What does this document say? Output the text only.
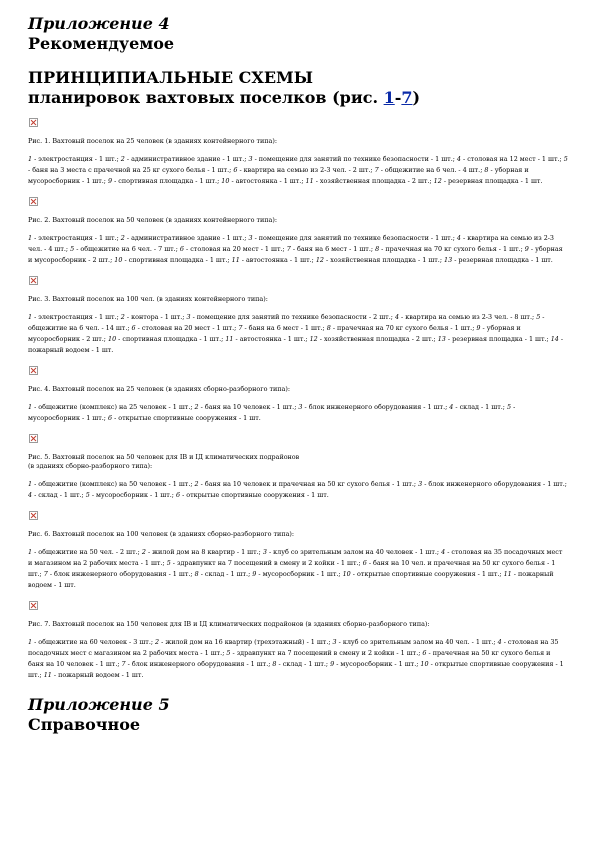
Приложение 4

Рекомендуемое

ПРИНЦИПИАЛЬНЫЕ СХЕМЫ
планировок вахтовых поселков (рис. 1-7)

Рис. 1. Вахтовый поселок на 25 человек (в зданиях контейнерного типа):

1 - электростанция - 1 шт.; 2 - административное здание - 1 шт.; 3 - помещение для занятий по технике безопасности - 1 шт.; 4 - столовая на 12 мест - 1 шт.; 5 - баня на 3 места с прачечной на 25 кг сухого белья - 1 шт.; 6 - квартира на семью из 2-3 чел. - 2 шт.; 7 - общежитие на 6 чел. - 4 шт.; 8 - уборная и мусоросборник - 1 шт.; 9 - спортивная площадка - 1 шт.; 10 - автостоянка - 1 шт.; 11 - хозяйственная площадка - 2 шт.; 12 - резервная площадка - 1 шт.

Рис. 2. Вахтовый поселок на 50 человек (в зданиях контейнерного типа):

1 - электростанция - 1 шт.; 2 - административное здание - 1 шт.; 3 - помещение для занятий по технике безопасности - 1 шт.; 4 - квартира на семью из 2-3 чел. - 4 шт.; 5 - общежитие на 6 чел. - 7 шт.; 6 - столовая на 20 мест - 1 шт.; 7 - баня на 6 мест - 1 шт.; 8 - прачечная на 70 кг сухого белья - 1 шт.; 9 - уборная и мусоросборник - 2 шт.; 10 - спортивная площадка - 1 шт.; 11 - автостоянка - 1 шт.; 12 - хозяйственная площадка - 1 шт.; 13 - резервная площадка - 1 шт.

Рис. 3. Вахтовый поселок на 100 чел. (в зданиях контейнерного типа):

1 - электростанция - 1 шт.; 2 - контора - 1 шт.; 3 - помещение для занятий по технике безопасности - 2 шт.; 4 - квартира на семью из 2-3 чел. - 8 шт.; 5 - общежитие на 6 чел. - 14 шт.; 6 - столовая на 20 мест - 1 шт.; 7 - баня на 6 мест - 1 шт.; 8 - прачечная на 70 кг сухого белья - 1 шт.; 9 - уборная и мусоросборник - 2 шт.; 10 - спортивная площадка - 1 шт.; 11 - автостоянка - 1 шт.; 12 - хозяйственная площадка - 2 шт.; 13 - резервная площадка - 1 шт.; 14 - пожарный водоем - 1 шт.

Рис. 4. Вахтовый поселок на 25 человек (в зданиях сборно-разборного типа):

1 - общежитие (комплекс) на 25 человек - 1 шт.; 2 - баня на 10 человек - 1 шт.; 3 - блок инженерного оборудования - 1 шт.; 4 - склад - 1 шт.; 5 - мусоросборник - 1 шт.; 6 - открытые спортивные сооружения - 1 шт.

Рис. 5. Вахтовый поселок на 50 человек для IВ и IД климатических подрайонов
(в зданиях сборно-разборного типа):

1 - общежитие (комплекс) на 50 человек - 1 шт.; 2 - баня на 10 человек и прачечная на 50 кг сухого белья - 1 шт.; 3 - блок инженерного оборудования - 1 шт.; 4 - склад - 1 шт.; 5 - мусоросборник - 1 шт.; 6 - открытые спортивные сооружения - 1 шт.

Рис. 6. Вахтовый поселок на 100 человек (в зданиях сборно-разборного типа):

1 - общежитие на 50 чел. - 2 шт.; 2 - жилой дом на 8 квартир - 1 шт.; 3 - клуб со зрительным залом на 40 человек - 1 шт.; 4 - столовая на 35 посадочных мест и магазином на 2 рабочих места - 1 шт.; 5 - здравпункт на 7 посещений в смену и 2 койки - 1 шт.; 6 - баня на 10 чел. и прачечная на 50 кг сухого белья - 1 шт.; 7 - блок инженерного оборудования - 1 шт.; 8 - склад - 1 шт.; 9 - мусоросборник - 1 шт.; 10 - открытые спортивные сооружения - 1 шт.; 11 - пожарный водоем - 1 шт.

Рис. 7. Вахтовый поселок на 150 человек для IВ и IД климатических подрайонов (в зданиях сборно-разборного типа):

1 - общежитие на 60 человек - 3 шт.; 2 - жилой дом на 16 квартир (трехэтажный) - 1 шт.; 3 - клуб со зрительным залом на 40 чел. - 1 шт.; 4 - столовая на 35 посадочных мест с магазином на 2 рабочих места - 1 шт.; 5 - здравпункт на 7 посещений в смену и 2 койки - 1 шт.; 6 - прачечная на 50 кг сухого белья и баня на 10 человек - 1 шт.; 7 - блок инженерного оборудования - 1 шт.; 8 - склад - 1 шт.; 9 - мусоросборник - 1 шт.; 10 - открытые спортивные сооружения - 1 шт.; 11 - пожарный водоем - 1 шт.

Приложение 5

Справочное
